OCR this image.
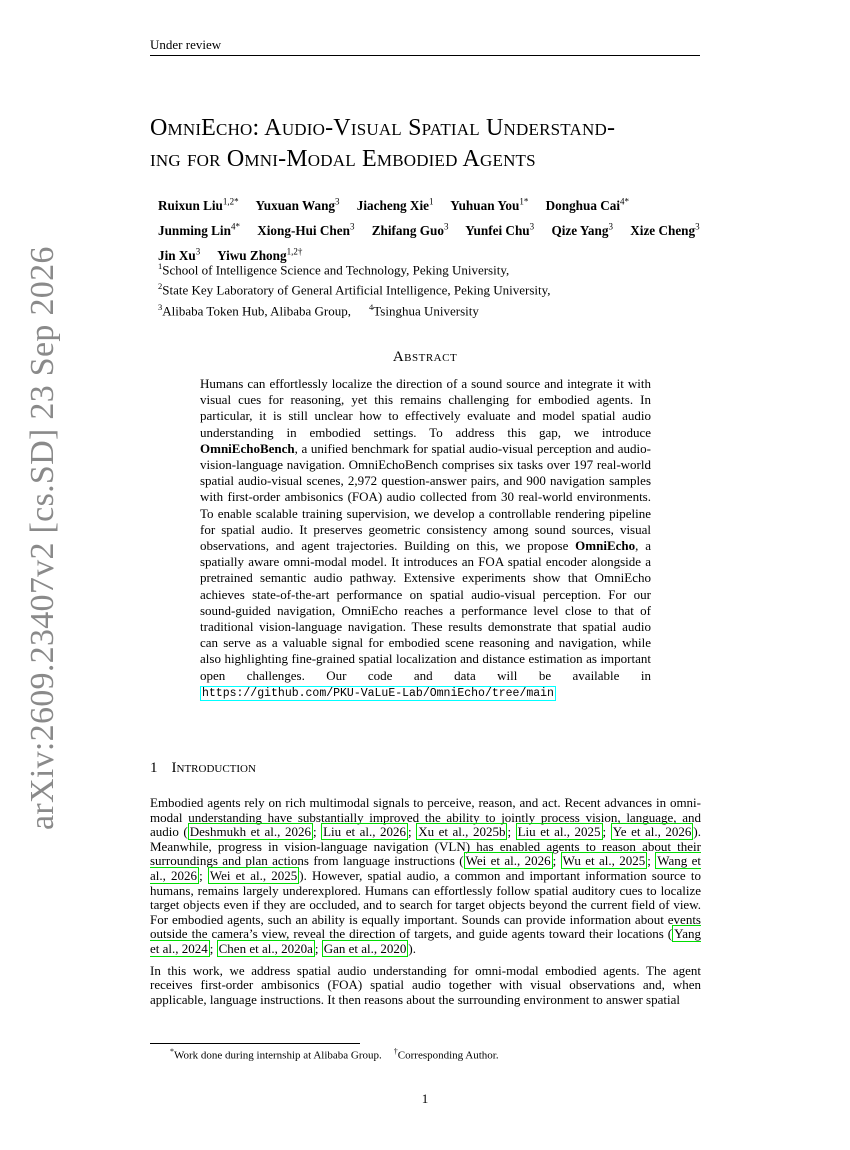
Under review
arXiv:2609.23407v2 [cs.SD] 23 Sep 2026
OmniEcho: Audio-Visual Spatial Understand-
ing for Omni-Modal Embodied Agents
Ruixun Liu$^{1,2*}$ Yuxuan Wang$^3$ Jiacheng Xie$^1$ Yuhuan You$^{1*}$ Donghua Cai$^{4*}$
Junming Lin$^{4*}$ Xiong-Hui Chen$^3$ Zhifang Guo$^3$ Yunfei Chu$^3$ Qize Yang$^3$ Xize Cheng$^3$
Jin Xu$^3$ Yiwu Zhong$^{1,2\dagger}$
$^1$School of Intelligence Science and Technology, Peking University,
$^2$State Key Laboratory of General Artificial Intelligence, Peking University,
$^3$Alibaba Token Hub, Alibaba Group, $^4$Tsinghua University
Abstract
Humans can effortlessly localize the direction of a sound source and integrate it with visual cues for reasoning, yet this remains challenging for embodied agents. In particular, it is still unclear how to effectively evaluate and model spatial audio understanding in embodied settings. To address this gap, we introduce OmniEchoBench, a unified benchmark for spatial audio-visual perception and audio-vision-language navigation. OmniEchoBench comprises six tasks over 197 real-world spatial audio-visual scenes, 2,972 question-answer pairs, and 900 navigation samples with first-order ambisonics (FOA) audio collected from 30 real-world environments. To enable scalable training supervision, we develop a controllable rendering pipeline for spatial audio. It preserves geometric consistency among sound sources, visual observations, and agent trajectories. Building on this, we propose OmniEcho, a spatially aware omni-modal model. It introduces an FOA spatial encoder alongside a pretrained semantic audio pathway. Extensive experiments show that OmniEcho achieves state-of-the-art performance on spatial audio-visual perception. For our sound-guided navigation, OmniEcho reaches a performance level close to that of traditional vision-language navigation. These results demonstrate that spatial audio can serve as a valuable signal for embodied scene reasoning and navigation, while also highlighting fine-grained spatial localization and distance estimation as important open challenges. Our code and data will be available in https://github.com/PKU-VaLuE-Lab/OmniEcho/tree/main
1 Introduction

Embodied agents rely on rich multimodal signals to perceive, reason, and act. Recent advances in omni-modal understanding have substantially improved the ability to jointly process vision, language, and audio ( Deshmukh et al., 2026 ; Liu et al., 2026 ; Xu et al., 2025b ; Liu et al., 2025 ; Ye et al., 2026 ). Meanwhile, progress in vision-language navigation (VLN) has enabled agents to reason about their surroundings and plan actions from language instructions ( Wei et al., 2026 ; Wu et al., 2025 ; Wang et al., 2026 ; Wei et al., 2025 ). However, spatial audio, a common and important information source to humans, remains largely underexplored. Humans can effortlessly follow spatial auditory cues to localize target objects even if they are occluded, and to search for target objects beyond the current field of view. For embodied agents, such an ability is equally important. Sounds can provide information about events outside the camera’s view, reveal the direction of targets, and guide agents toward their locations ( Yang et al., 2024 ; Chen et al., 2020a ; Gan et al., 2020 ).

In this work, we address spatial audio understanding for omni-modal embodied agents. The agent receives first-order ambisonics (FOA) spatial audio together with visual observations and, when applicable, language instructions. It then reasons about the surrounding environment to answer spatial

*Work done during internship at Alibaba Group. †Corresponding Author.
1
